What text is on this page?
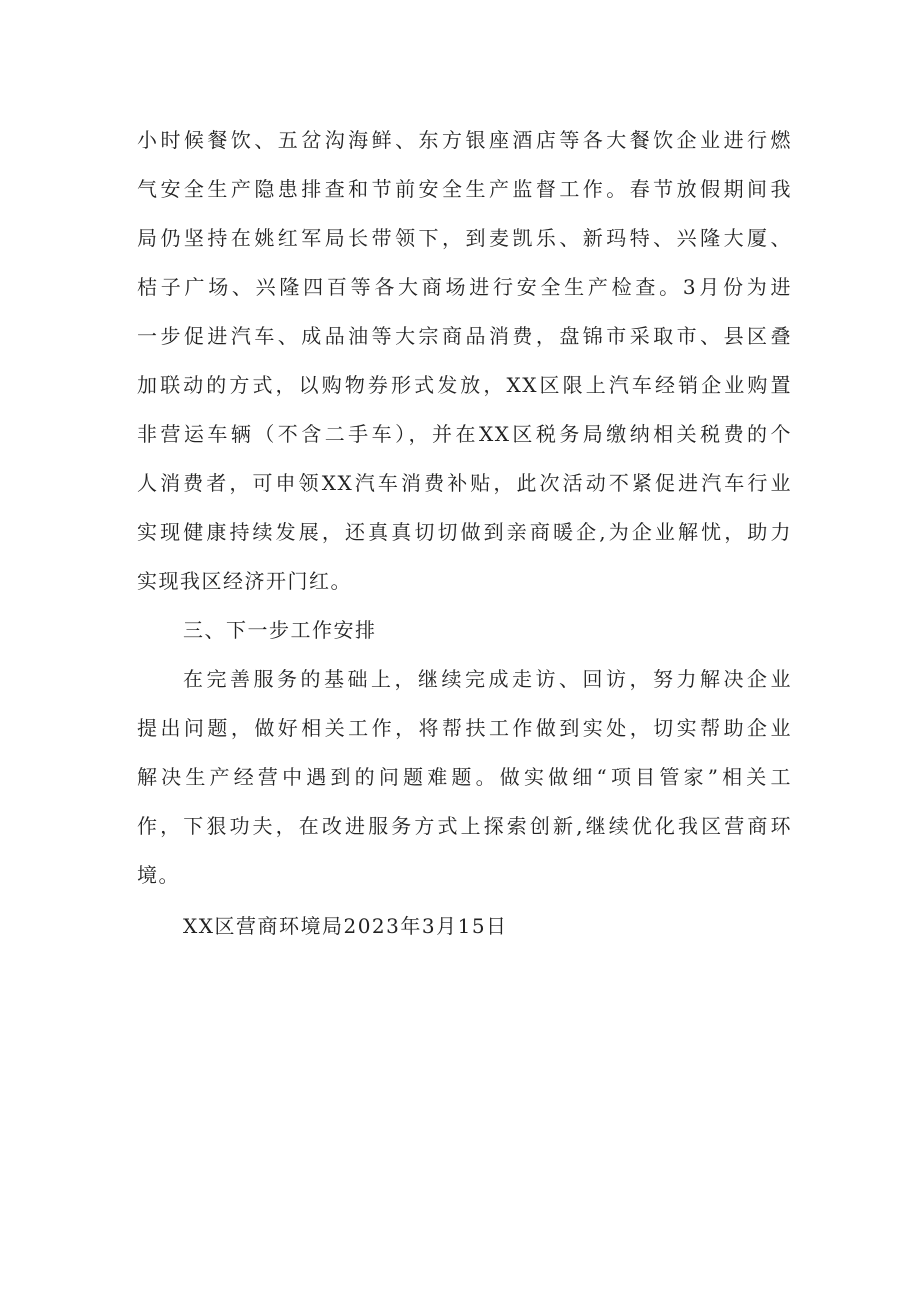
小时候餐饮、五岔沟海鲜、东方银座酒店等各大餐饮企业进行燃
气安全生产隐患排查和节前安全生产监督工作。春节放假期间我
局仍坚持在姚红军局长带领下，到麦凯乐、新玛特、兴隆大厦、
桔子广场、兴隆四百等各大商场进行安全生产检查。3月份为进
一步促进汽车、成品油等大宗商品消费，盘锦市采取市、县区叠
加联动的方式，以购物券形式发放，XX区限上汽车经销企业购置
非营运车辆（不含二手车），并在XX区税务局缴纳相关税费的个
人消费者，可申领XX汽车消费补贴，此次活动不紧促进汽车行业
实现健康持续发展，还真真切切做到亲商暖企,为企业解忧，助力
实现我区经济开门红。
三、下一步工作安排
在完善服务的基础上，继续完成走访、回访，努力解决企业
提出问题，做好相关工作，将帮扶工作做到实处，切实帮助企业
解决生产经营中遇到的问题难题。做实做细“项目管家”相关工
作，下狠功夫，在改进服务方式上探索创新,继续优化我区营商环
境。
XX区营商环境局2023年3月15日
